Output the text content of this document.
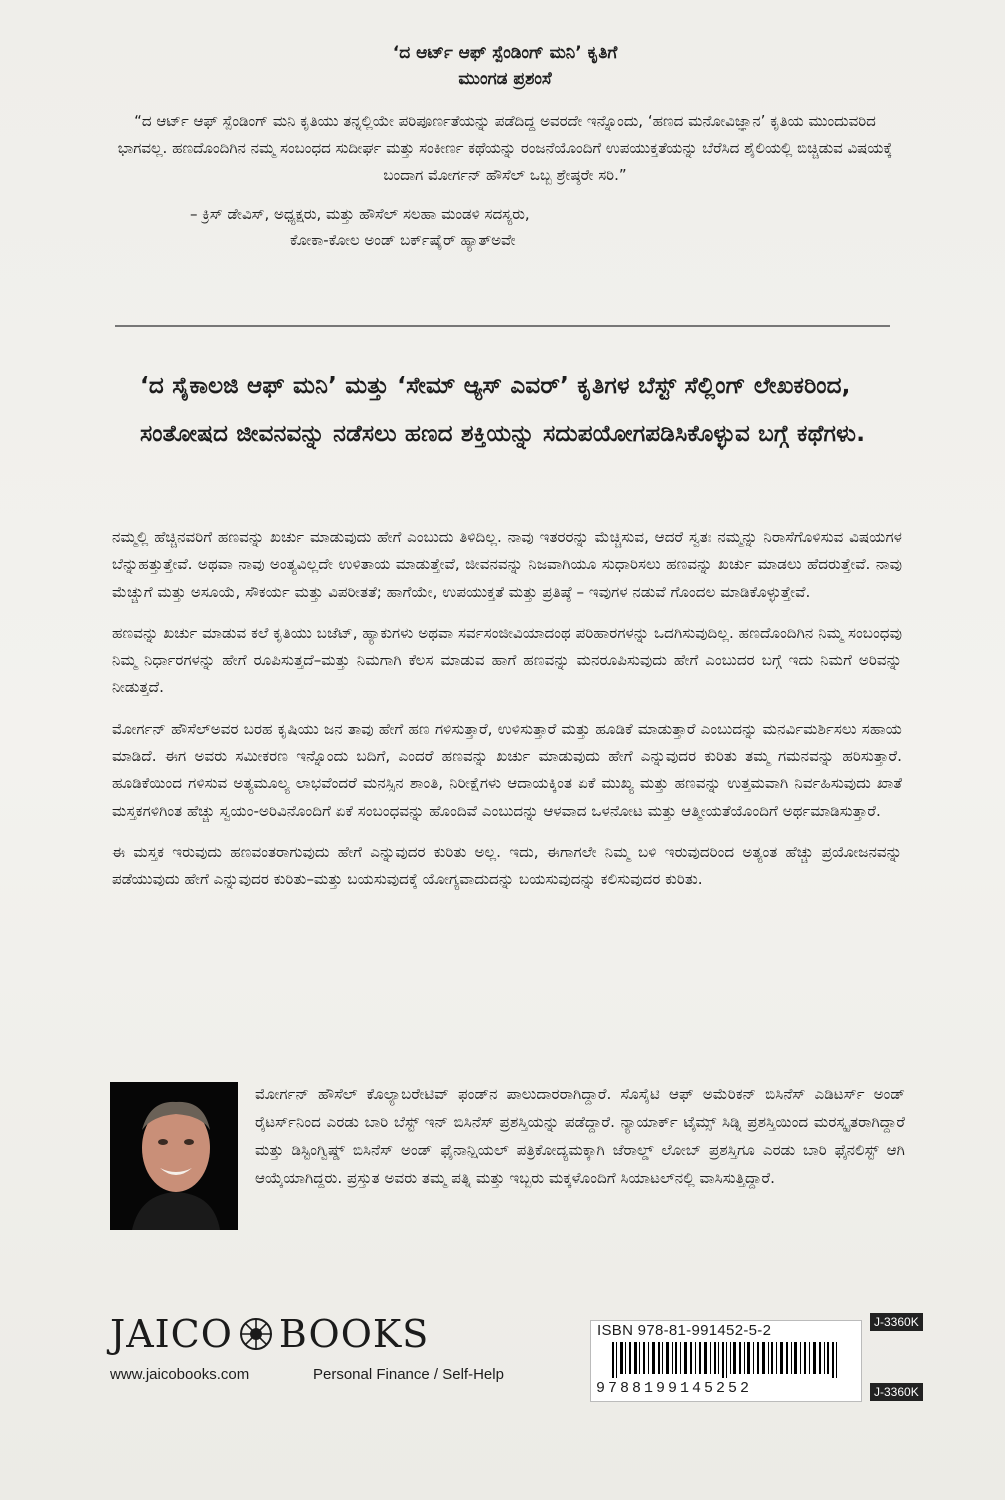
‘ದ ಆರ್ಟ್ ಆಫ್ ಸ್ಪೆಂಡಿಂಗ್ ಮನಿ’ ಕೃತಿಗೆ
ಮುಂಗಡ ಪ್ರಶಂಸೆ
“ದ ಆರ್ಟ್ ಆಫ್ ಸ್ಪೆಂಡಿಂಗ್ ಮನಿ ಕೃತಿಯು ತನ್ನಲ್ಲಿಯೇ ಪರಿಪೂರ್ಣತೆಯನ್ನು ಪಡೆದಿದ್ದ ಅವರದೇ ಇನ್ನೊಂದು, ‘ಹಣದ ಮನೋವಿಜ್ಞಾನ’ ಕೃತಿಯ ಮುಂದುವರಿದ ಭಾಗವಲ್ಲ. ಹಣದೊಂದಿಗಿನ ನಮ್ಮ ಸಂಬಂಧದ ಸುದೀರ್ಘ ಮತ್ತು ಸಂಕೀರ್ಣ ಕಥೆಯನ್ನು ರಂಜನೆಯೊಂದಿಗೆ ಉಪಯುಕ್ತತೆಯನ್ನು ಬೆರೆಸಿದ ಶೈಲಿಯಲ್ಲಿ ಬಿಚ್ಚಿಡುವ ವಿಷಯಕ್ಕೆ ಬಂದಾಗ ಮೋರ್ಗನ್ ಹೌಸೆಲ್ ಒಬ್ಬ ಶ್ರೇಷ್ಠರೇ ಸರಿ.”
– ಕ್ರಿಸ್ ಡೇವಿಸ್, ಅಧ್ಯಕ್ಷರು, ಮತ್ತು ಹೌಸೆಲ್ ಸಲಹಾ ಮಂಡಳಿ ಸದಸ್ಯರು,
ಕೋಕಾ-ಕೋಲ ಅಂಡ್ ಬರ್ಕ್‌ಷೈರ್ ಹ್ಯಾತ್‌ಅವೇ
‘ದ ಸೈಕಾಲಜಿ ಆಫ್ ಮನಿ’ ಮತ್ತು ‘ಸೇಮ್ ಆ್ಯಸ್ ಎವರ್’ ಕೃತಿಗಳ ಬೆಸ್ಟ್ ಸೆಲ್ಲಿಂಗ್ ಲೇಖಕರಿಂದ, ಸಂತೋಷದ ಜೀವನವನ್ನು ನಡೆಸಲು ಹಣದ ಶಕ್ತಿಯನ್ನು ಸದುಪಯೋಗಪಡಿಸಿಕೊಳ್ಳುವ ಬಗ್ಗೆ ಕಥೆಗಳು.

ನಮ್ಮಲ್ಲಿ ಹೆಚ್ಚಿನವರಿಗೆ ಹಣವನ್ನು ಖರ್ಚು ಮಾಡುವುದು ಹೇಗೆ ಎಂಬುದು ತಿಳಿದಿಲ್ಲ. ನಾವು ಇತರರನ್ನು ಮೆಚ್ಚಿಸುವ, ಆದರೆ ಸ್ವತಃ ನಮ್ಮನ್ನು ನಿರಾಸೆಗೊಳಿಸುವ ವಿಷಯಗಳ ಬೆನ್ನುಹತ್ತುತ್ತೇವೆ. ಅಥವಾ ನಾವು ಅಂತ್ಯವಿಲ್ಲದೇ ಉಳಿತಾಯ ಮಾಡುತ್ತೇವೆ, ಜೀವನವನ್ನು ನಿಜವಾಗಿಯೂ ಸುಧಾರಿಸಲು ಹಣವನ್ನು ಖರ್ಚು ಮಾಡಲು ಹೆದರುತ್ತೇವೆ. ನಾವು ಮೆಚ್ಚುಗೆ ಮತ್ತು ಅಸೂಯೆ, ಸೌಕರ್ಯ ಮತ್ತು ವಿಪರೀತತೆ; ಹಾಗೆಯೇ, ಉಪಯುಕ್ತತೆ ಮತ್ತು ಪ್ರತಿಷ್ಠೆ – ಇವುಗಳ ನಡುವೆ ಗೊಂದಲ ಮಾಡಿಕೊಳ್ಳುತ್ತೇವೆ.

ಹಣವನ್ನು ಖರ್ಚು ಮಾಡುವ ಕಲೆ ಕೃತಿಯು ಬಜೆಟ್, ಹ್ಯಾಕುಗಳು ಅಥವಾ ಸರ್ವಸಂಜೀವಿಯಾದಂಥ ಪರಿಹಾರಗಳನ್ನು ಒದಗಿಸುವುದಿಲ್ಲ. ಹಣದೊಂದಿಗಿನ ನಿಮ್ಮ ಸಂಬಂಧವು ನಿಮ್ಮ ನಿರ್ಧಾರಗಳನ್ನು ಹೇಗೆ ರೂಪಿಸುತ್ತದೆ–ಮತ್ತು ನಿಮಗಾಗಿ ಕೆಲಸ ಮಾಡುವ ಹಾಗೆ ಹಣವನ್ನು ಮನರೂಪಿಸುವುದು ಹೇಗೆ ಎಂಬುದರ ಬಗ್ಗೆ ಇದು ನಿಮಗೆ ಅರಿವನ್ನು ನೀಡುತ್ತದೆ.

ಮೋರ್ಗನ್ ಹೌಸೆಲ್‌ಅವರ ಬರಹ ಕೃಷಿಯು ಜನ ತಾವು ಹೇಗೆ ಹಣ ಗಳಿಸುತ್ತಾರೆ, ಉಳಿಸುತ್ತಾರೆ ಮತ್ತು ಹೂಡಿಕೆ ಮಾಡುತ್ತಾರೆ ಎಂಬುದನ್ನು ಮನರ್ವಿಮರ್ಶಿಸಲು ಸಹಾಯ ಮಾಡಿದೆ. ಈಗ ಅವರು ಸಮೀಕರಣ ಇನ್ನೊಂದು ಬದಿಗೆ, ಎಂದರೆ ಹಣವನ್ನು ಖರ್ಚು ಮಾಡುವುದು ಹೇಗೆ ಎನ್ನುವುದರ ಕುರಿತು ತಮ್ಮ ಗಮನವನ್ನು ಹರಿಸುತ್ತಾರೆ. ಹೂಡಿಕೆಯಿಂದ ಗಳಿಸುವ ಅತ್ಯಮೂಲ್ಯ ಲಾಭವೆಂದರೆ ಮನಸ್ಸಿನ ಶಾಂತಿ, ನಿರೀಕ್ಷೆಗಳು ಆದಾಯಕ್ಕಿಂತ ಏಕೆ ಮುಖ್ಯ ಮತ್ತು ಹಣವನ್ನು ಉತ್ತಮವಾಗಿ ನಿರ್ವಹಿಸುವುದು ಖಾತೆ ಮಸ್ತಕಗಳಿಗಿಂತ ಹೆಚ್ಚು ಸ್ವಯಂ-ಅರಿವಿನೊಂದಿಗೆ ಏಕೆ ಸಂಬಂಧವನ್ನು ಹೊಂದಿವೆ ಎಂಬುದನ್ನು ಆಳವಾದ ಒಳನೋಟ ಮತ್ತು ಆತ್ಮೀಯತೆಯೊಂದಿಗೆ ಅರ್ಥಮಾಡಿಸುತ್ತಾರೆ.

ಈ ಮಸ್ತಕ ಇರುವುದು ಹಣವಂತರಾಗುವುದು ಹೇಗೆ ಎನ್ನುವುದರ ಕುರಿತು ಅಲ್ಲ. ಇದು, ಈಗಾಗಲೇ ನಿಮ್ಮ ಬಳಿ ಇರುವುದರಿಂದ ಅತ್ಯಂತ ಹೆಚ್ಚು ಪ್ರಯೋಜನವನ್ನು ಪಡೆಯುವುದು ಹೇಗೆ ಎನ್ನುವುದರ ಕುರಿತು–ಮತ್ತು ಬಯಸುವುದಕ್ಕೆ ಯೋಗ್ಯವಾದುದನ್ನು ಬಯಸುವುದನ್ನು ಕಲಿಸುವುದರ ಕುರಿತು.

ಮೋರ್ಗನ್ ಹೌಸೆಲ್ ಕೊಲ್ಯಾಬರೇಟಿವ್ ಫಂಡ್‌ನ ಪಾಲುದಾರರಾಗಿದ್ದಾರೆ. ಸೊಸೈಟಿ ಆಫ್ ಅಮೆರಿಕನ್ ಬಿಸಿನೆಸ್ ಎಡಿಟರ್ಸ್ ಅಂಡ್ ರೈಟರ್ಸ್‌ನಿಂದ ಎರಡು ಬಾರಿ ಬೆಸ್ಟ್ ಇನ್ ಬಿಸಿನೆಸ್ ಪ್ರಶಸ್ತಿಯನ್ನು ಪಡೆದ್ದಾರೆ. ನ್ಯಾಯಾರ್ಕ್ ಟೈಮ್ಸ್ ಸಿಡ್ನಿ ಪ್ರಶಸ್ತಿಯಿಂದ ಮರಸ್ಕೃತರಾಗಿದ್ದಾರೆ ಮತ್ತು ಡಿಸ್ಟಿಂಗ್ವಿಷ್ಡ್ ಬಿಸಿನೆಸ್ ಅಂಡ್ ಫೈನಾನ್ಷಿಯಲ್ ಪತ್ರಿಕೋದ್ಯಮಕ್ಕಾಗಿ ಜೆರಾಲ್ಡ್ ಲೋಬ್ ಪ್ರಶಸ್ತಿಗೂ ಎರಡು ಬಾರಿ ಫೈನಲಿಸ್ಟ್ ಆಗಿ ಆಯ್ಕೆಯಾಗಿದ್ದರು. ಪ್ರಸ್ತುತ ಅವರು ತಮ್ಮ ಪತ್ನಿ ಮತ್ತು ಇಬ್ಬರು ಮಕ್ಕಳೊಂದಿಗೆ ಸಿಯಾಟಲ್‌ನಲ್ಲಿ ವಾಸಿಸುತ್ತಿದ್ದಾರೆ.
JAICO BOOKS
www.jaicobooks.com	Personal Finance / Self-Help
ISBN 978-81-991452-5-2
9788199145252
J-3360K
J-3360K
